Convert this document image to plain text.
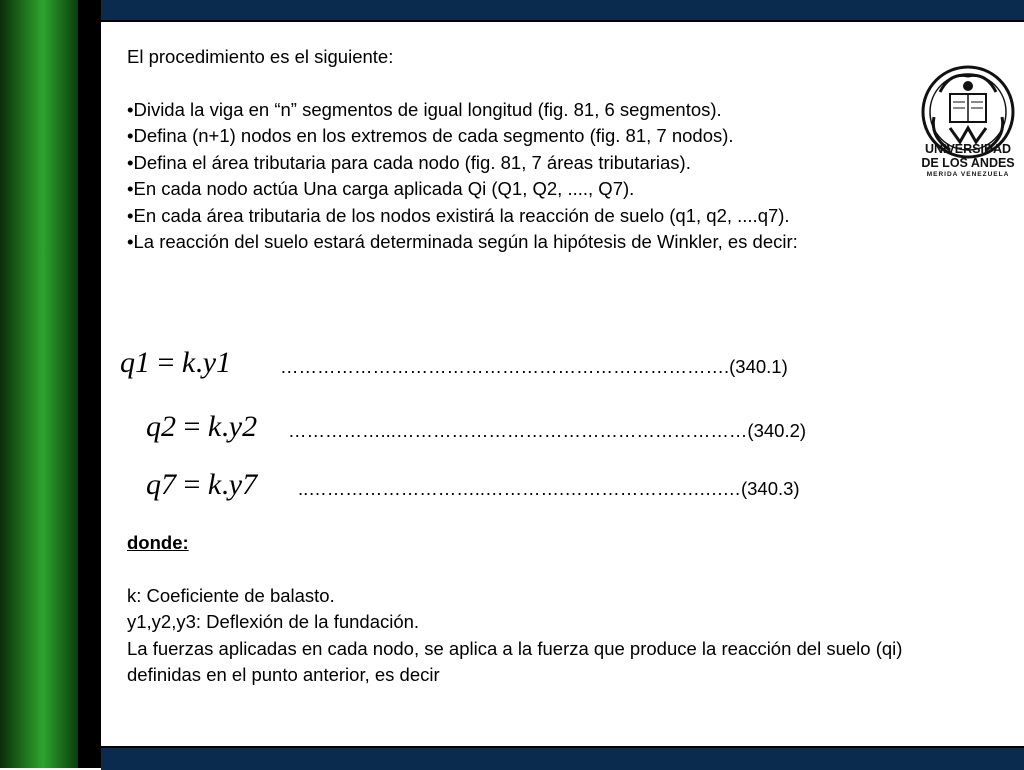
El procedimiento es el siguiente:

•Divida la viga en “n” segmentos de igual longitud (fig. 81, 6 segmentos).

•Defina (n+1) nodos en los extremos de cada segmento (fig. 81, 7 nodos).

•Defina el área tributaria para cada nodo (fig. 81, 7 áreas tributarias).

•En cada nodo actúa Una carga aplicada Qi (Q1, Q2, ...., Q7).

•En cada área tributaria de los nodos existirá la reacción de suelo (q1, q2, ....q7).

•La reacción del suelo estará determinada según la hipótesis de Winkler, es decir:

q1 = k.y1	……………………………………………………………….(340.1)
q2 = k.y2 ……………...…………………………………………………(340.2)
q7 = k.y7 ..………………………..………….………………….….…(340.3)

donde:

k: Coeficiente de balasto.

y1,y2,y3: Deflexión de la fundación.

La fuerzas aplicadas en cada nodo, se aplica a la fuerza que produce la reacción del suelo (qi) definidas en el punto anterior, es decir

UNIVERSIDAD
DE LOS ANDES
MERIDA VENEZUELA
